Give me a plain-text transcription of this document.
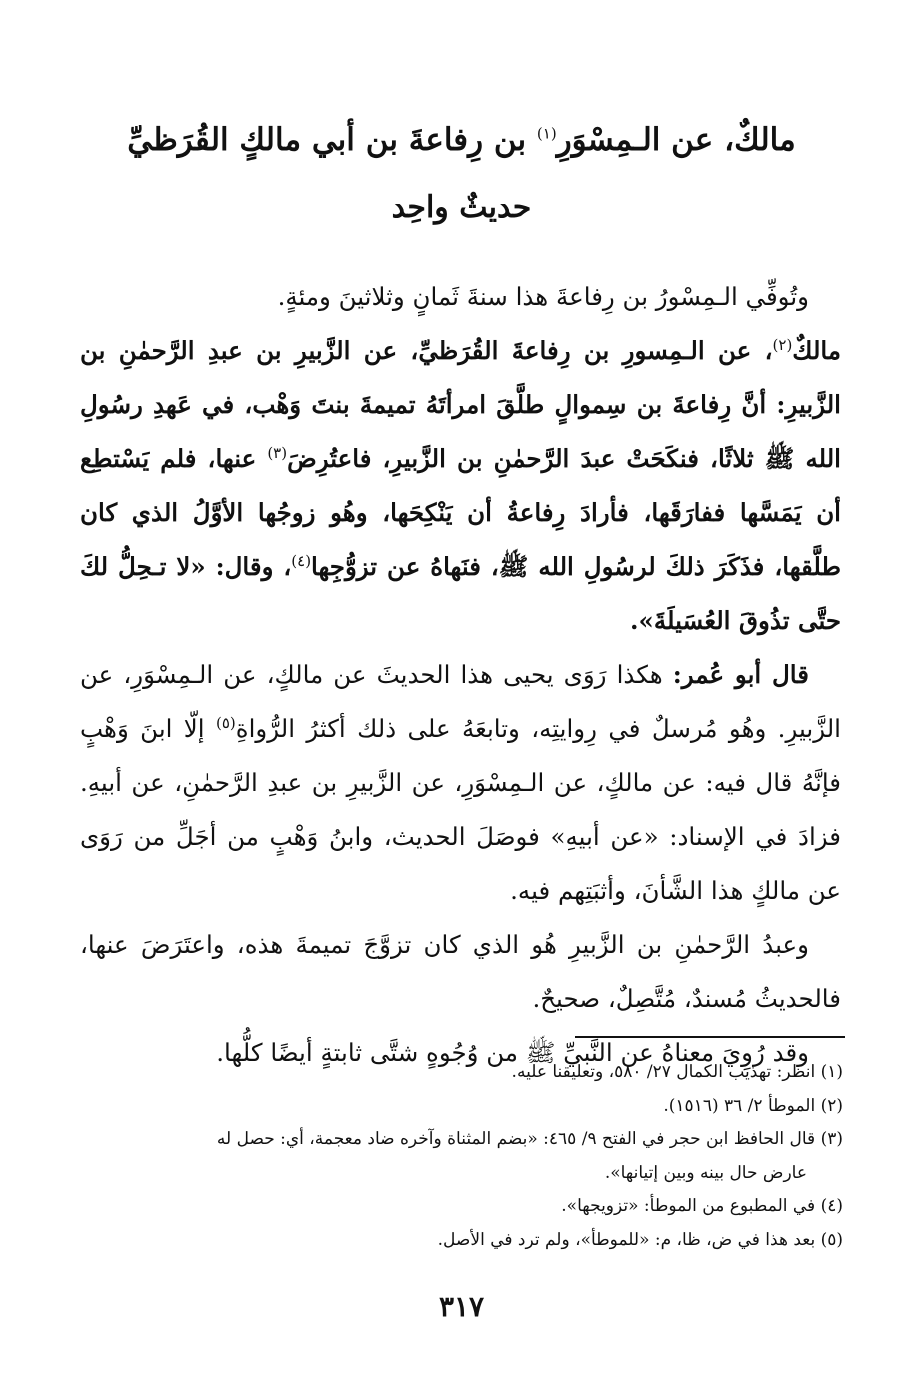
مالكٌ، عن الـمِسْوَرِ$^{(١)}$ بن رِفاعةَ بن أبي مالكٍ القُرَظيِّ
حديثٌ واحِد

وتُوفِّي الـمِسْورُ بن رِفاعةَ هذا سنةَ ثَمانٍ وثلاثينَ ومئةٍ.

مالكٌ$^{(٢)}$، عن الـمِسورِ بن رِفاعةَ القُرَظيِّ، عن الزَّبيرِ بن عبدِ الرَّحمٰنِ بن الزَّبيرِ: أنَّ رِفاعةَ بن سِموالٍ طلَّقَ امرأتَهُ تميمةَ بنتَ وَهْب، في عَهدِ رسُولِ الله ﷺ ثلاثًا، فنكَحَتْ عبدَ الرَّحمٰنِ بن الزَّبيرِ، فاعتُرِضَ$^{(٣)}$ عنها، فلم يَسْتطِع أن يَمَسَّها ففارَقَها، فأرادَ رِفاعةُ أن يَنْكِحَها، وهُو زوجُها الأوَّلُ الذي كان طلَّقها، فذَكَرَ ذلكَ لرسُولِ الله ﷺ، فنَهاهُ عن تزوُّجِها$^{(٤)}$، وقال: «لا تـحِلُّ لكَ حتَّى تذُوقَ العُسَيلَةَ».

قال أبو عُمر: هكذا رَوَى يحيى هذا الحديثَ عن مالكٍ، عن الـمِسْوَرِ، عن الزَّبيرِ. وهُو مُرسلٌ في رِوايتِه، وتابعَهُ على ذلك أكثرُ الرُّواةِ$^{(٥)}$ إلّا ابنَ وَهْبٍ فإنَّهُ قال فيه: عن مالكٍ، عن الـمِسْوَرِ، عن الزَّبيرِ بن عبدِ الرَّحمٰنِ، عن أبيهِ. فزادَ في الإسناد: «عن أبيهِ» فوصَلَ الحديث، وابنُ وَهْبٍ من أجَلِّ من رَوَى عن مالكٍ هذا الشَّأنَ، وأثبَتِهم فيه.

وعبدُ الرَّحمٰنِ بن الزَّبيرِ هُو الذي كان تزوَّجَ تميمةَ هذه، واعتَرَضَ عنها، فالحديثُ مُسندٌ، مُتَّصِلٌ، صحيحٌ.

وقد رُوِيَ معناهُ عن النَّبيِّ ﷺ من وُجُوهٍ شتَّى ثابتةٍ أيضًا كلُّها.

(١) انظر: تهذيب الكمال ٢٧/ ٥٨٠، وتعليقنا عليه.

(٢) الموطأ ٢/ ٣٦ (١٥١٦).

(٣) قال الحافظ ابن حجر في الفتح ٩/ ٤٦٥: «بضم المثناة وآخره ضاد معجمة، أي: حصل له

عارض حال بينه وبين إتيانها».

(٤) في المطبوع من الموطأ: «تزويجها».

(٥) بعد هذا في ض، ظا، م: «للموطأ»، ولم ترد في الأصل.

٣١٧
